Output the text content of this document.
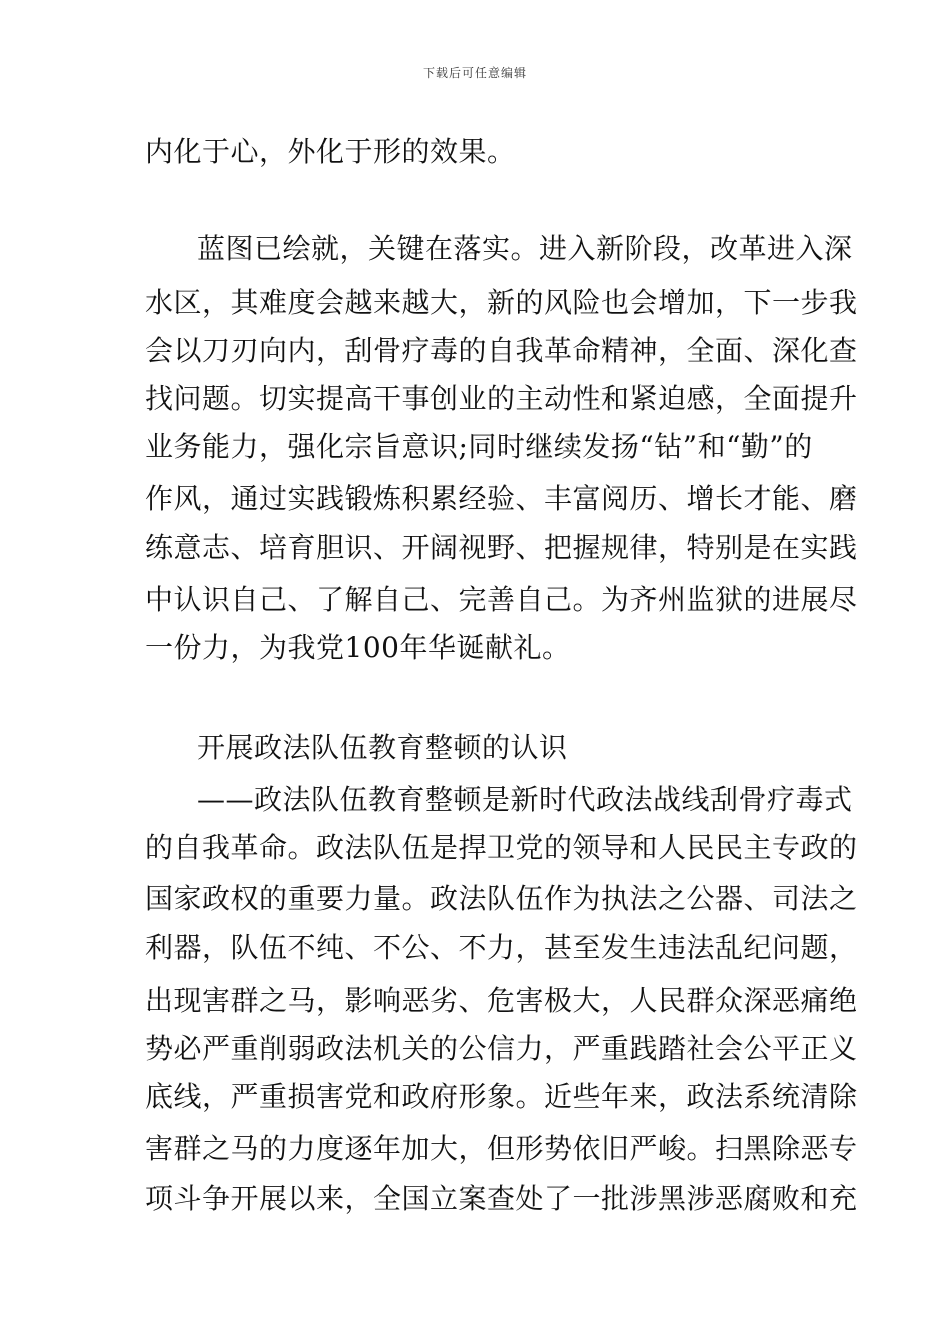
下载后可任意编辑
内化于心，外化于形的效果。
蓝图已绘就，关键在落实。进入新阶段，改革进入深
水区，其难度会越来越大，新的风险也会增加，下一步我
会以刀刃向内，刮骨疗毒的自我革命精神，全面、深化查
找问题。切实提高干事创业的主动性和紧迫感，全面提升
业务能力，强化宗旨意识;同时继续发扬“钻”和“勤”的
作风，通过实践锻炼积累经验、丰富阅历、增长才能、磨
练意志、培育胆识、开阔视野、把握规律，特别是在实践
中认识自己、了解自己、完善自己。为齐州监狱的进展尽
一份力，为我党100年华诞献礼。
开展政法队伍教育整顿的认识
——政法队伍教育整顿是新时代政法战线刮骨疗毒式
的自我革命。政法队伍是捍卫党的领导和人民民主专政的
国家政权的重要力量。政法队伍作为执法之公器、司法之
利器，队伍不纯、不公、不力，甚至发生违法乱纪问题，
出现害群之马，影响恶劣、危害极大，人民群众深恶痛绝
势必严重削弱政法机关的公信力，严重践踏社会公平正义
底线，严重损害党和政府形象。近些年来，政法系统清除
害群之马的力度逐年加大，但形势依旧严峻。扫黑除恶专
项斗争开展以来，全国立案查处了一批涉黑涉恶腐败和充
